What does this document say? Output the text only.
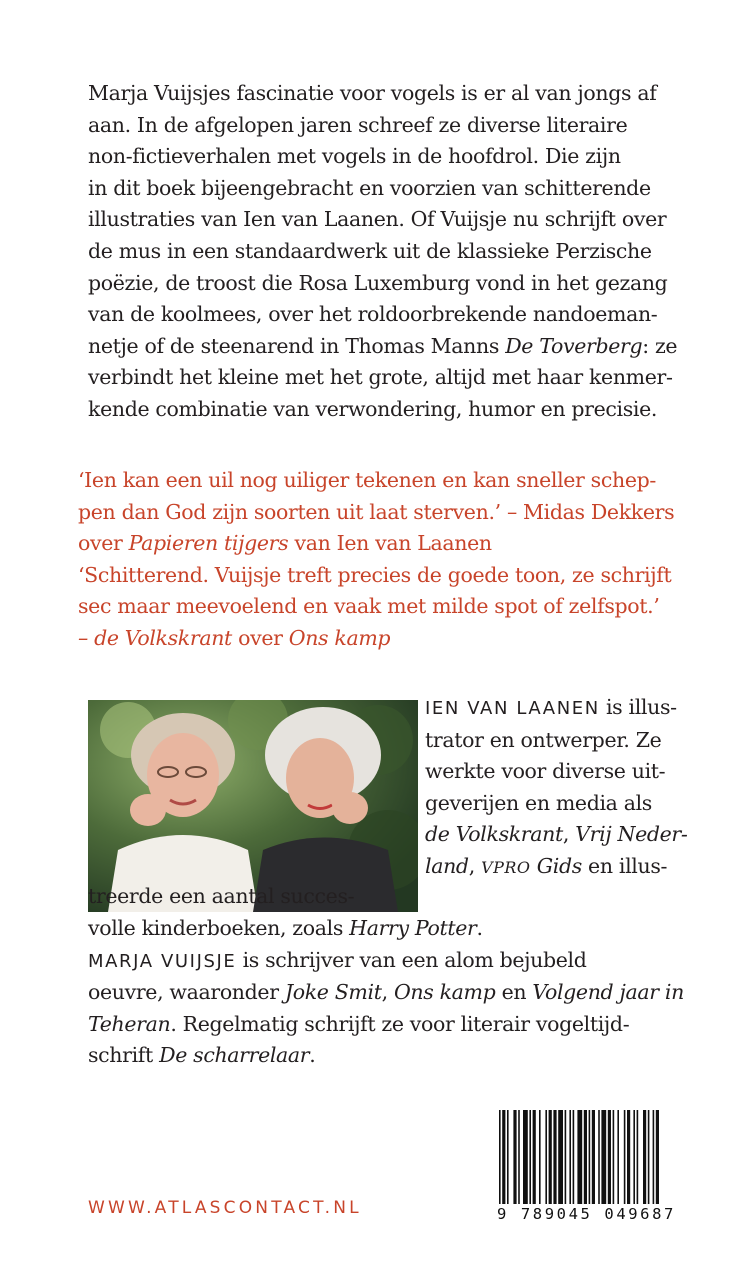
Marja Vuijsjes fascinatie voor vogels is er al van jongs af
aan. In de afgelopen jaren schreef ze diverse literaire
non-fictieverhalen met vogels in de hoofdrol. Die zijn
in dit boek bijeengebracht en voorzien van schitterende
illustraties van Ien van Laanen. Of Vuijsje nu schrijft over
de mus in een standaardwerk uit de klassieke Perzische
poëzie, de troost die Rosa Luxemburg vond in het gezang
van de koolmees, over het roldoorbrekende nandoeman-
netje of de steenarend in Thomas Manns De Toverberg: ze
verbindt het kleine met het grote, altijd met haar kenmer-
kende combinatie van verwondering, humor en precisie.
‘Ien kan een uil nog uiliger tekenen en kan sneller schep-
pen dan God zijn soorten uit laat sterven.’ – Midas Dekkers
over Papieren tijgers van Ien van Laanen
‘Schitterend. Vuijsje treft precies de goede toon, ze schrijft
sec maar meevoelend en vaak met milde spot of zelfspot.’
– de Volkskrant over Ons kamp
IEN VAN LAANEN is illus-
trator en ontwerper. Ze
werkte voor diverse uit-
geverijen en media als
de Volkskrant, Vrij Neder-
land, VPRO Gids en illus-
treerde een aantal succes-
volle kinderboeken, zoals Harry Potter.
MARJA VUIJSJE is schrijver van een alom bejubeld
oeuvre, waaronder Joke Smit, Ons kamp en Volgend jaar in
Teheran. Regelmatig schrijft ze voor literair vogeltijd-
schrift De scharrelaar.
WWW.ATLASCONTACT.NL	9 789045 049687
